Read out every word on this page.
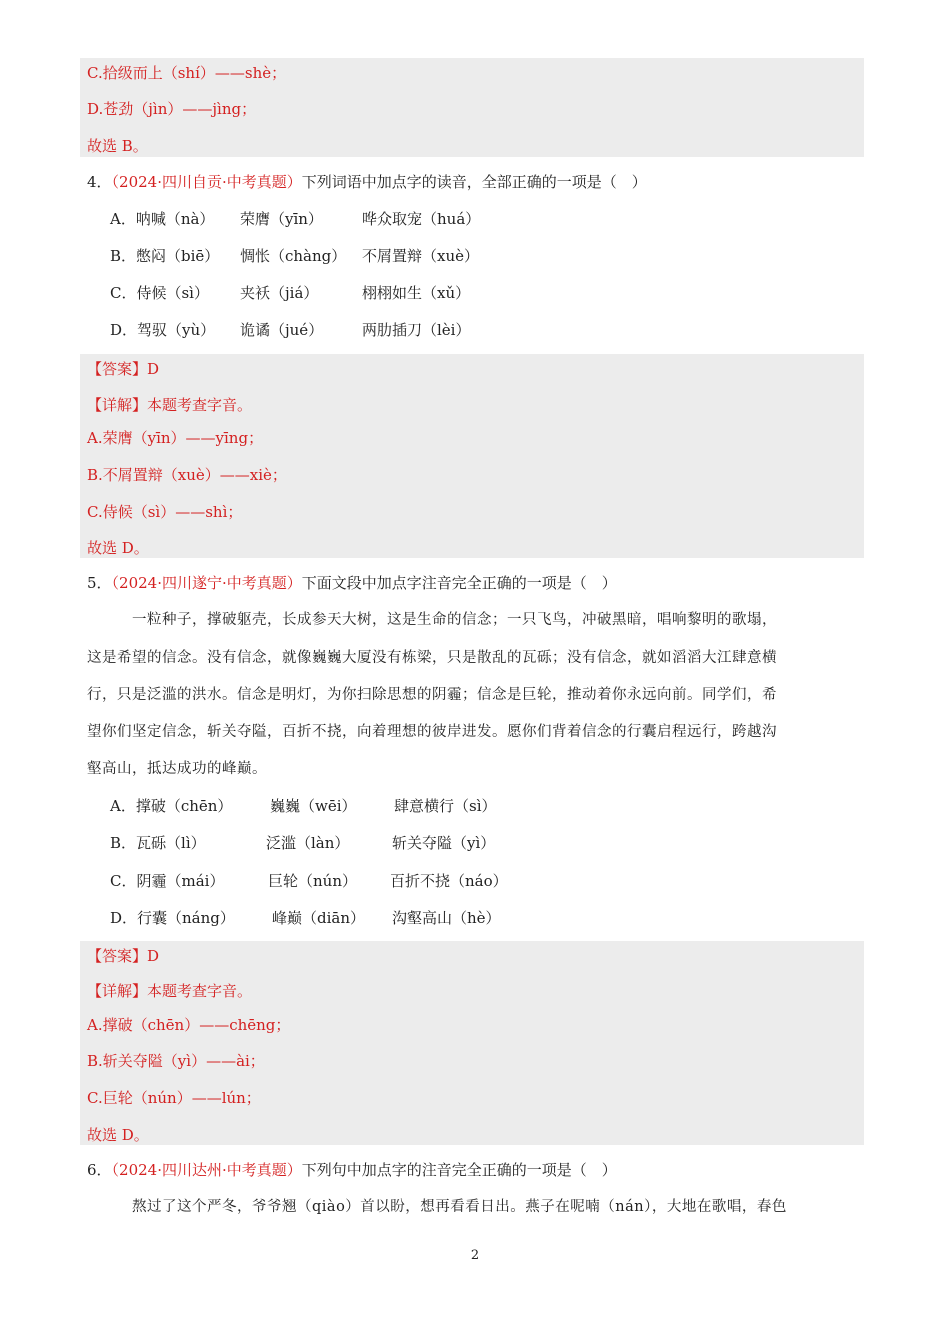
C.拾级而上（shí）——shè；
D.苍劲（jìn）——jìng；
故选 B。
4．（2024·四川自贡·中考真题）下列词语中加点字的读音，全部正确的一项是（　）
A．呐喊（nà） 荣膺（yīn）	哗众取宠（huá）
B．憋闷（biē） 惆怅（chàng） 不屑置辩（xuè）
C．侍候（sì） 夹袄（jiá）	栩栩如生（xǔ）
D．驾驭（yù） 诡谲（jué）	两肋插刀（lèi）
【答案】D
【详解】本题考查字音。
A.荣膺（yīn）——yīng；
B.不屑置辩（xuè）——xiè；
C.侍候（sì）——shì；
故选 D。
5．（2024·四川遂宁·中考真题）下面文段中加点字注音完全正确的一项是（　）
一粒种子，撑破躯壳，长成参天大树，这是生命的信念；一只飞鸟，冲破黑暗，唱响黎明的歌塌，
这是希望的信念。没有信念，就像巍巍大厦没有栋梁，只是散乱的瓦砾；没有信念，就如滔滔大江肆意横
行，只是泛滥的洪水。信念是明灯，为你扫除思想的阴霾；信念是巨轮，推动着你永远向前。同学们，希
望你们坚定信念，斩关夺隘，百折不挠，向着理想的彼岸进发。愿你们背着信念的行囊启程远行，跨越沟
壑高山，抵达成功的峰巅。
A．撑破（chēn）	巍巍（wēi） 肆意横行（sì）
B．瓦砾（lì）	泛滥（làn）	斩关夺隘（yì）
C．阴霾（mái）	巨轮（nún） 百折不挠（náo）
D．行囊（náng） 峰巅（diān） 沟壑高山（hè）
【答案】D
【详解】本题考查字音。
A.撑破（chēn）——chēng；
B.斩关夺隘（yì）——ài；
C.巨轮（nún）——lún；
故选 D。
6．（2024·四川达州·中考真题）下列句中加点字的注音完全正确的一项是（　）
熬过了这个严冬，爷爷翘（qiào）首以盼，想再看看日出。燕子在呢喃（nán），大地在歌唱，春色
2
